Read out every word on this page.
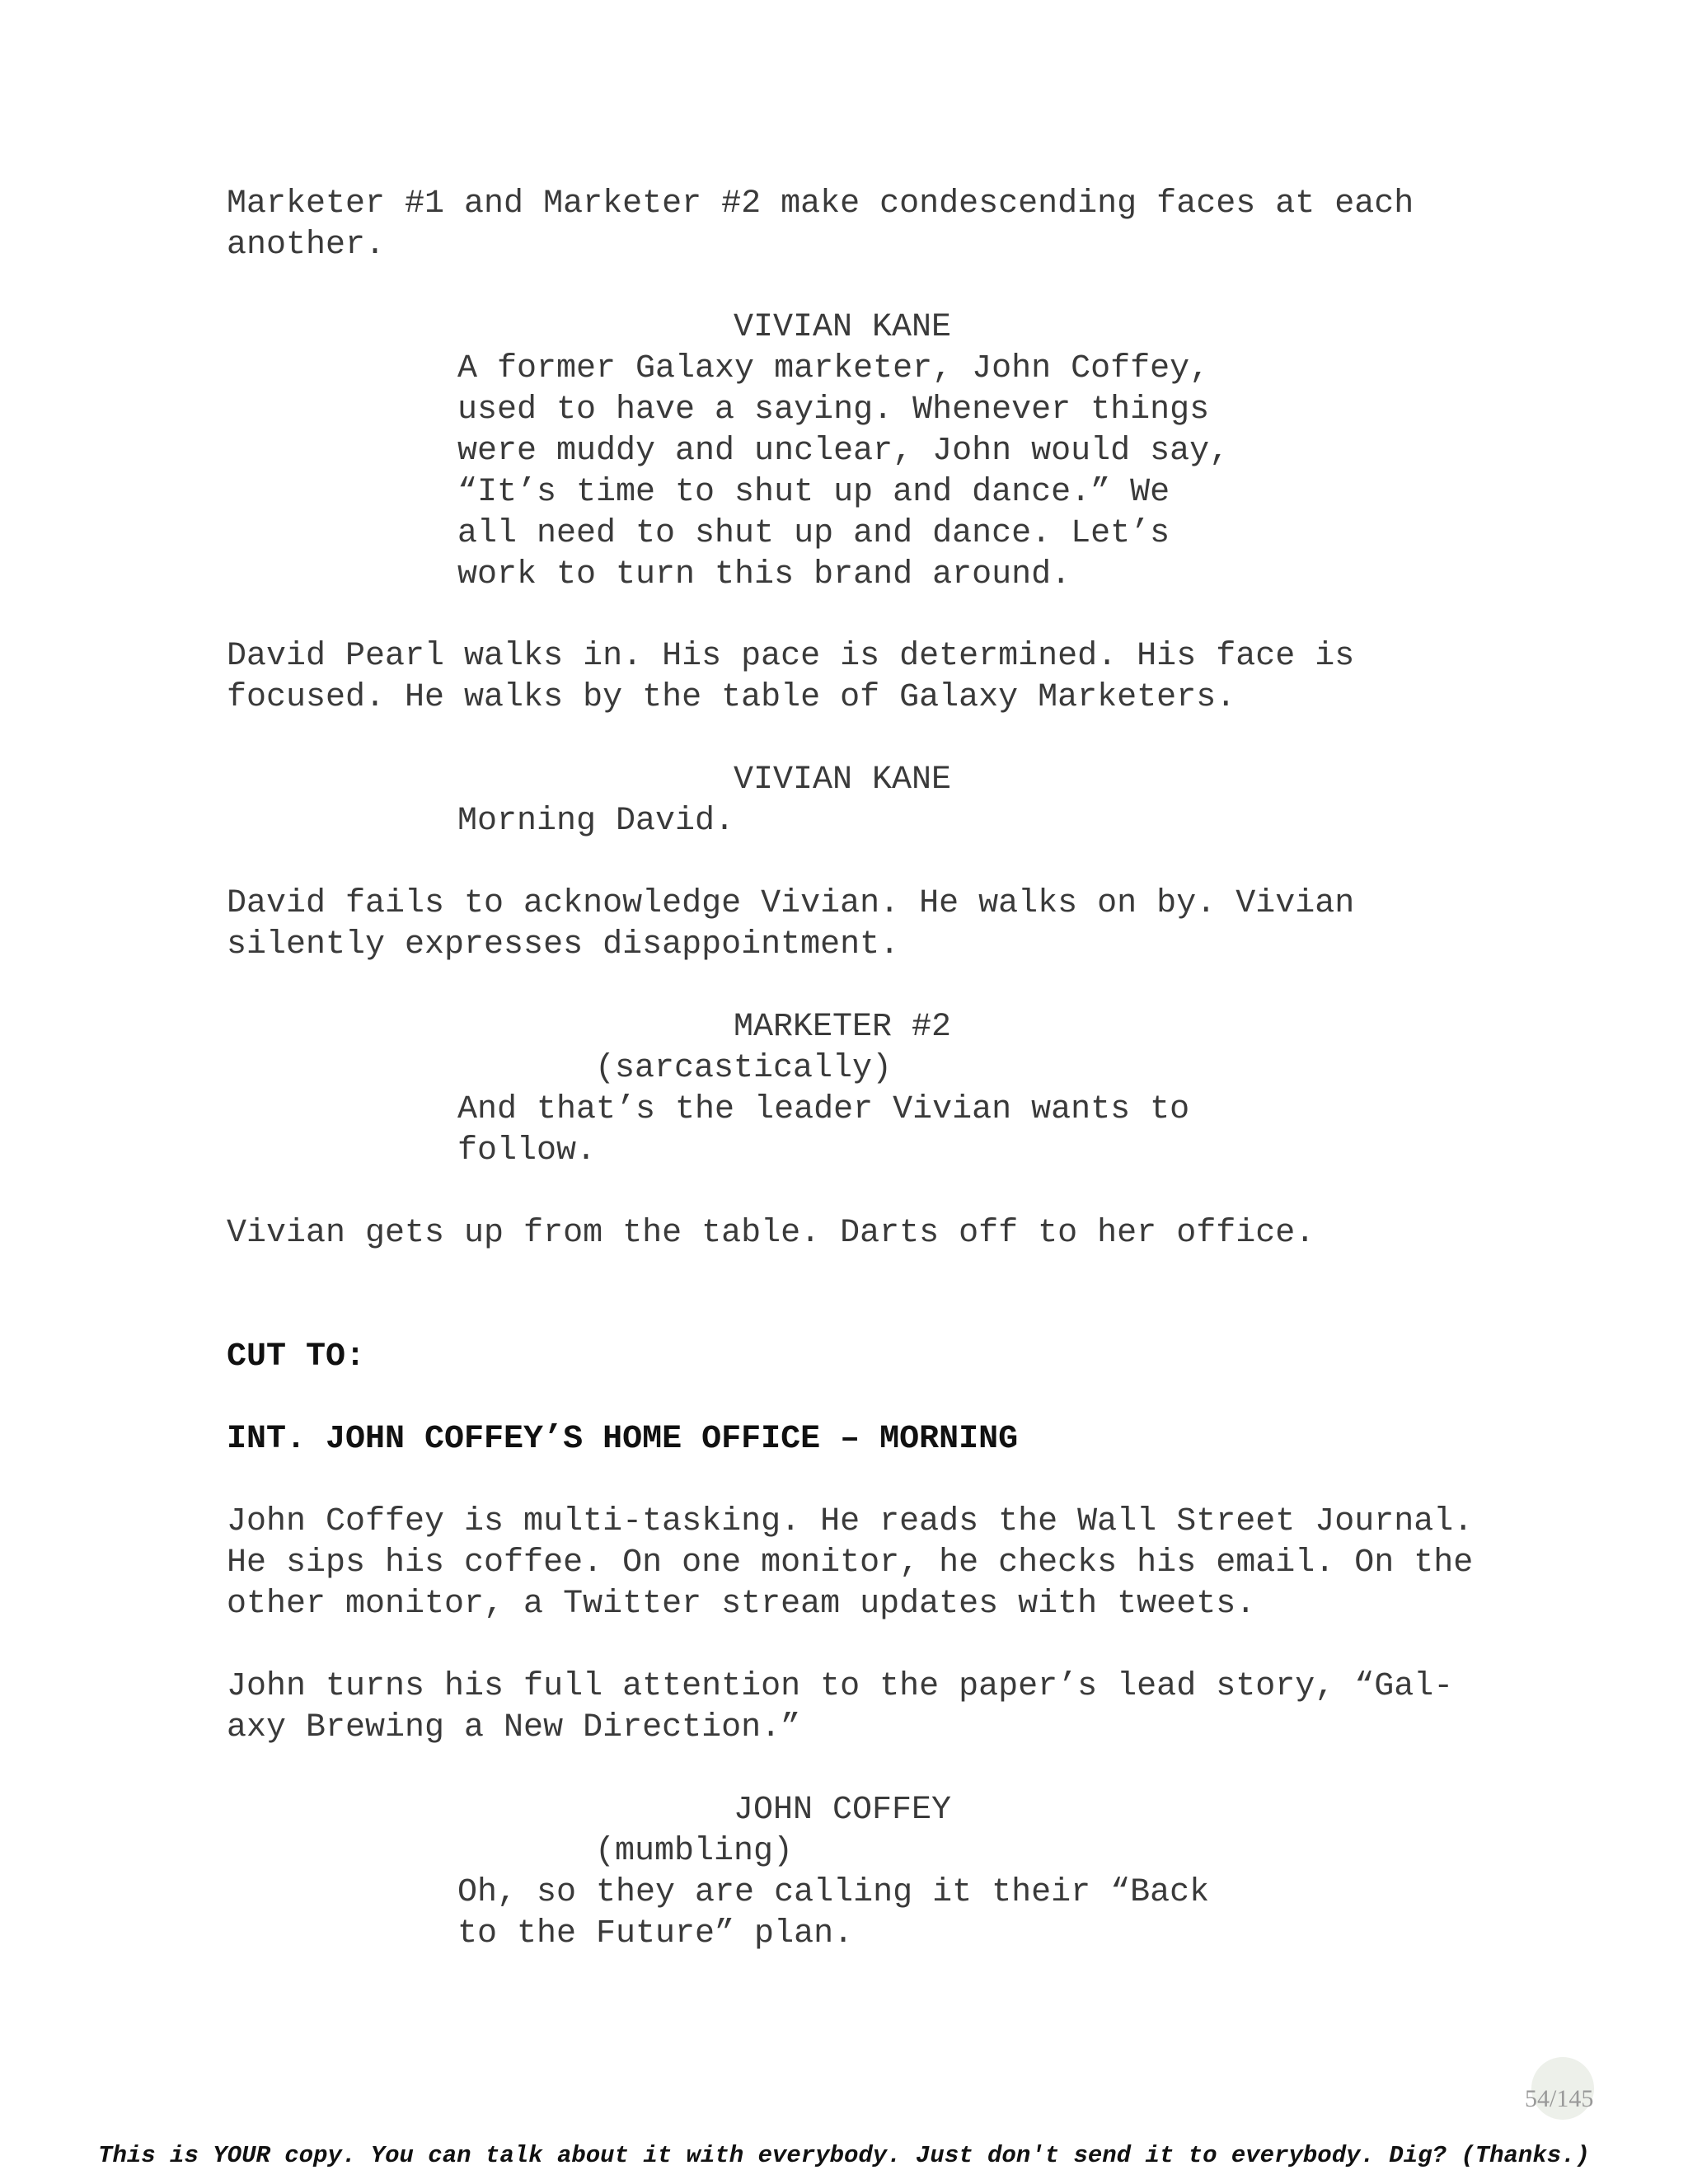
Marketer #1 and Marketer #2 make condescending faces at each
another.
VIVIAN KANE
A former Galaxy marketer, John Coffey,
used to have a saying. Whenever things
were muddy and unclear, John would say,
“It’s time to shut up and dance.” We
all need to shut up and dance. Let’s
work to turn this brand around.
David Pearl walks in. His pace is determined. His face is
focused. He walks by the table of Galaxy Marketers.
VIVIAN KANE
Morning David.
David fails to acknowledge Vivian. He walks on by. Vivian
silently expresses disappointment.
MARKETER #2
(sarcastically)
And that’s the leader Vivian wants to
follow.
Vivian gets up from the table. Darts off to her office.
CUT TO:
INT. JOHN COFFEY’S HOME OFFICE – MORNING
John Coffey is multi-tasking. He reads the Wall Street Journal.
He sips his coffee. On one monitor, he checks his email. On the
other monitor, a Twitter stream updates with tweets.
John turns his full attention to the paper’s lead story, “Gal-
axy Brewing a New Direction.”
JOHN COFFEY
(mumbling)
Oh, so they are calling it their “Back
to the Future” plan.
54/145
This is YOUR copy. You can talk about it with everybody. Just don't send it to everybody. Dig? (Thanks.)
